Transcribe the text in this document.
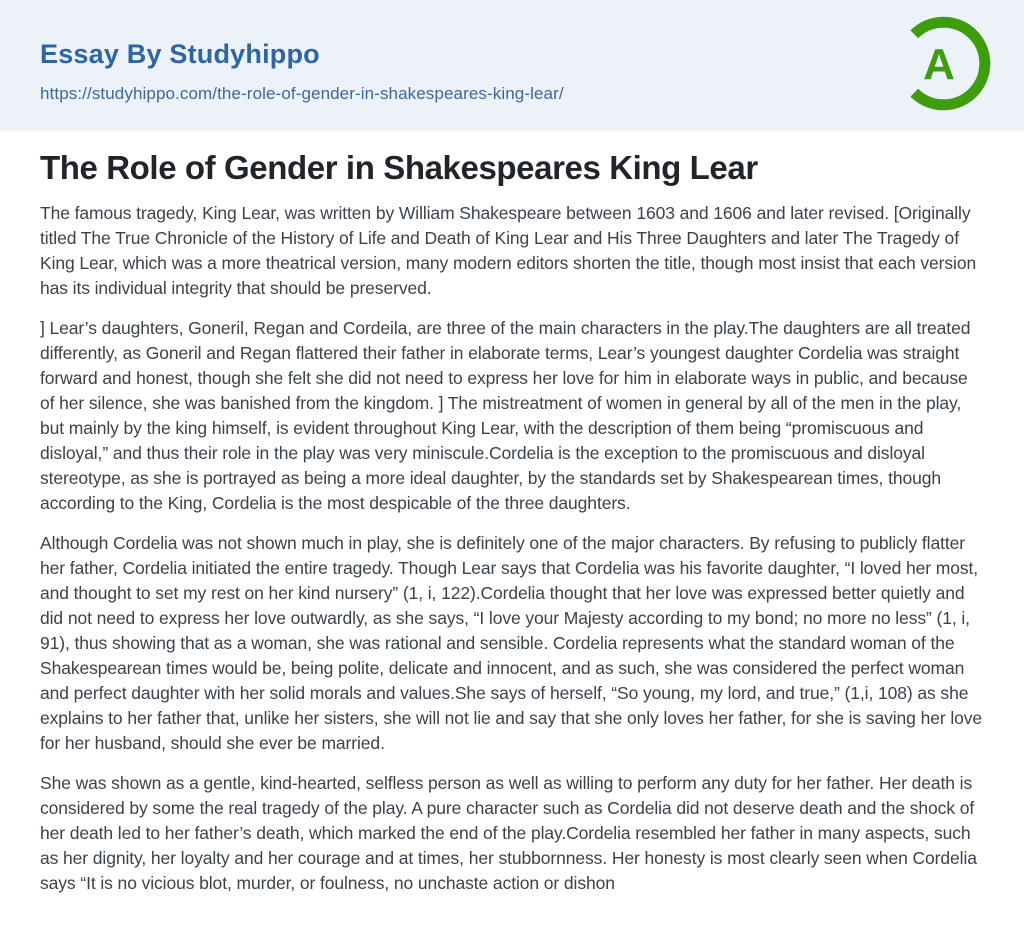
Essay By Studyhippo
https://studyhippo.com/the-role-of-gender-in-shakespeares-king-lear/
A
The Role of Gender in Shakespeares King Lear

The famous tragedy, King Lear, was written by William Shakespeare between 1603 and 1606 and later revised. [Originally titled The True Chronicle of the History of Life and Death of King Lear and His Three Daughters and later The Tragedy of King Lear, which was a more theatrical version, many modern editors shorten the title, though most insist that each version has its individual integrity that should be preserved.

] Lear’s daughters, Goneril, Regan and Cordeila, are three of the main characters in the play.The daughters are all treated differently, as Goneril and Regan flattered their father in elaborate terms, Lear’s youngest daughter Cordelia was straight forward and honest, though she felt she did not need to express her love for him in elaborate ways in public, and because of her silence, she was banished from the kingdom. ] The mistreatment of women in general by all of the men in the play, but mainly by the king himself, is evident throughout King Lear, with the description of them being “promiscuous and disloyal,” and thus their role in the play was very miniscule.Cordelia is the exception to the promiscuous and disloyal stereotype, as she is portrayed as being a more ideal daughter, by the standards set by Shakespearean times, though according to the King, Cordelia is the most despicable of the three daughters.

Although Cordelia was not shown much in play, she is definitely one of the major characters. By refusing to publicly flatter her father, Cordelia initiated the entire tragedy. Though Lear says that Cordelia was his favorite daughter, “I loved her most, and thought to set my rest on her kind nursery” (1, i, 122).Cordelia thought that her love was expressed better quietly and did not need to express her love outwardly, as she says, “I love your Majesty according to my bond; no more no less” (1, i, 91), thus showing that as a woman, she was rational and sensible. Cordelia represents what the standard woman of the Shakespearean times would be, being polite, delicate and innocent, and as such, she was considered the perfect woman and perfect daughter with her solid morals and values.She says of herself, “So young, my lord, and true,” (1,i, 108) as she explains to her father that, unlike her sisters, she will not lie and say that she only loves her father, for she is saving her love for her husband, should she ever be married.

She was shown as a gentle, kind-hearted, selfless person as well as willing to perform any duty for her father. Her death is considered by some the real tragedy of the play. A pure character such as Cordelia did not deserve death and the shock of her death led to her father’s death, which marked the end of the play.Cordelia resembled her father in many aspects, such as her dignity, her loyalty and her courage and at times, her stubbornness. Her honesty is most clearly seen when Cordelia says “It is no vicious blot, murder, or foulness, no unchaste action or dishon
